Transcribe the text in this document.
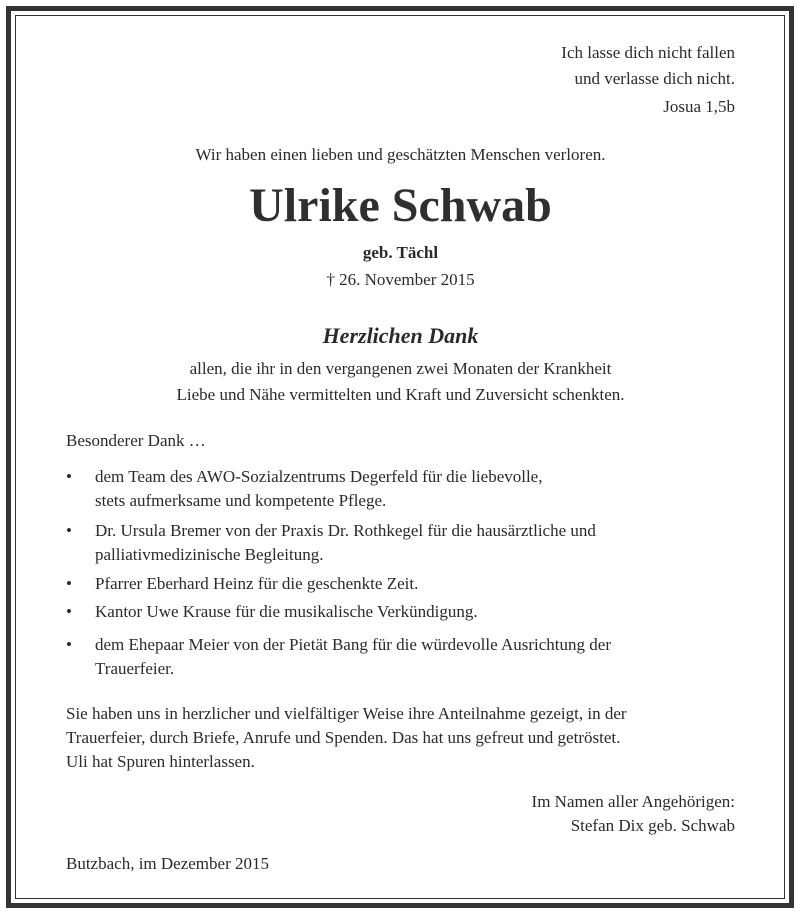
Ich lasse dich nicht fallen
und verlasse dich nicht.
Josua 1,5b
Wir haben einen lieben und geschätzten Menschen verloren.
Ulrike Schwab
geb. Tächl
† 26. November 2015
Herzlichen Dank
allen, die ihr in den vergangenen zwei Monaten der Krankheit
Liebe und Nähe vermittelten und Kraft und Zuversicht schenkten.
Besonderer Dank …
• dem Team des AWO-Sozialzentrums Degerfeld für die liebevolle,
stets aufmerksame und kompetente Pflege.
• Dr. Ursula Bremer von der Praxis Dr. Rothkegel für die hausärztliche und
palliativmedizinische Begleitung.
• Pfarrer Eberhard Heinz für die geschenkte Zeit.
• Kantor Uwe Krause für die musikalische Verkündigung.
• dem Ehepaar Meier von der Pietät Bang für die würdevolle Ausrichtung der
Trauerfeier.
Sie haben uns in herzlicher und vielfältiger Weise ihre Anteilnahme gezeigt, in der
Trauerfeier, durch Briefe, Anrufe und Spenden. Das hat uns gefreut und getröstet.
Uli hat Spuren hinterlassen.
Im Namen aller Angehörigen:
Stefan Dix geb. Schwab
Butzbach, im Dezember 2015
